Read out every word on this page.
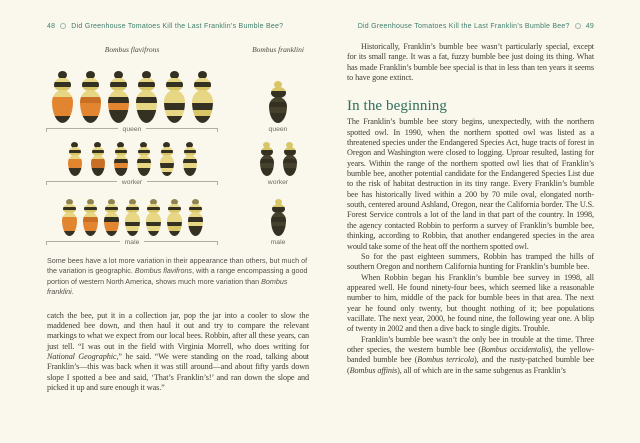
48 Did Greenhouse Tomatoes Kill the Last Franklin’s Bumble Bee?
Bombus flavifrons
queen
worker
male
Bombus franklini
queen
worker
male
Some bees have a lot more variation in their appearance than others, but much of the variation is geographic. Bombus flavifrons, with a range encompassing a good portion of western North America, shows much more variation than Bombus franklini.

catch the bee, put it in a collection jar, pop the jar into a cooler to slow the maddened bee down, and then haul it out and try to compare the relevant markings to what we expect from our local bees. Robbin, after all these years, can just tell. “I was out in the field with Virginia Morrell, who does writing for National Geographic,” he said. “We were standing on the road, talking about Franklin’s—this was back when it was still around—and about fifty yards down slope I spotted a bee and said, ‘That’s Franklin’s!’ and ran down the slope and picked it up and sure enough it was.”

Did Greenhouse Tomatoes Kill the Last Franklin’s Bumble Bee? 49

Historically, Franklin’s bumble bee wasn’t particularly special, except for its small range. It was a fat, fuzzy bumble bee just doing its thing. What has made Franklin’s bumble bee special is that in less than ten years it seems to have gone extinct.

In the beginning

The Franklin’s bumble bee story begins, unexpectedly, with the northern spotted owl. In 1990, when the northern spotted owl was listed as a threatened species under the Endangered Species Act, huge tracts of forest in Oregon and Washington were closed to logging. Uproar resulted, lasting for years. Within the range of the northern spotted owl lies that of Franklin’s bumble bee, another potential candidate for the Endangered Species List due to the risk of habitat destruction in its tiny range. Every Franklin’s bumble bee has historically lived within a 200 by 70 mile oval, elongated north-south, centered around Ashland, Oregon, near the California border. The U.S. Forest Service controls a lot of the land in that part of the country. In 1998, the agency contacted Robbin to perform a survey of Franklin’s bumble bee, thinking, according to Robbin, that another endangered species in the area would take some of the heat off the northern spotted owl.

So for the past eighteen summers, Robbin has tramped the hills of southern Oregon and northern California hunting for Franklin’s bumble bee.

When Robbin began his Franklin’s bumble bee survey in 1998, all appeared well. He found ninety-four bees, which seemed like a reasonable number to him, middle of the pack for bumble bees in that area. The next year he found only twenty, but thought nothing of it; bee populations vacillate. The next year, 2000, he found nine, the following year one. A blip of twenty in 2002 and then a dive back to single digits. Trouble.

Franklin’s bumble bee wasn’t the only bee in trouble at the time. Three other species, the western bumble bee (Bombus occidentalis), the yellow-banded bumble bee (Bombus terricola), and the rusty-patched bumble bee (Bombus affinis), all of which are in the same subgenus as Franklin’s
